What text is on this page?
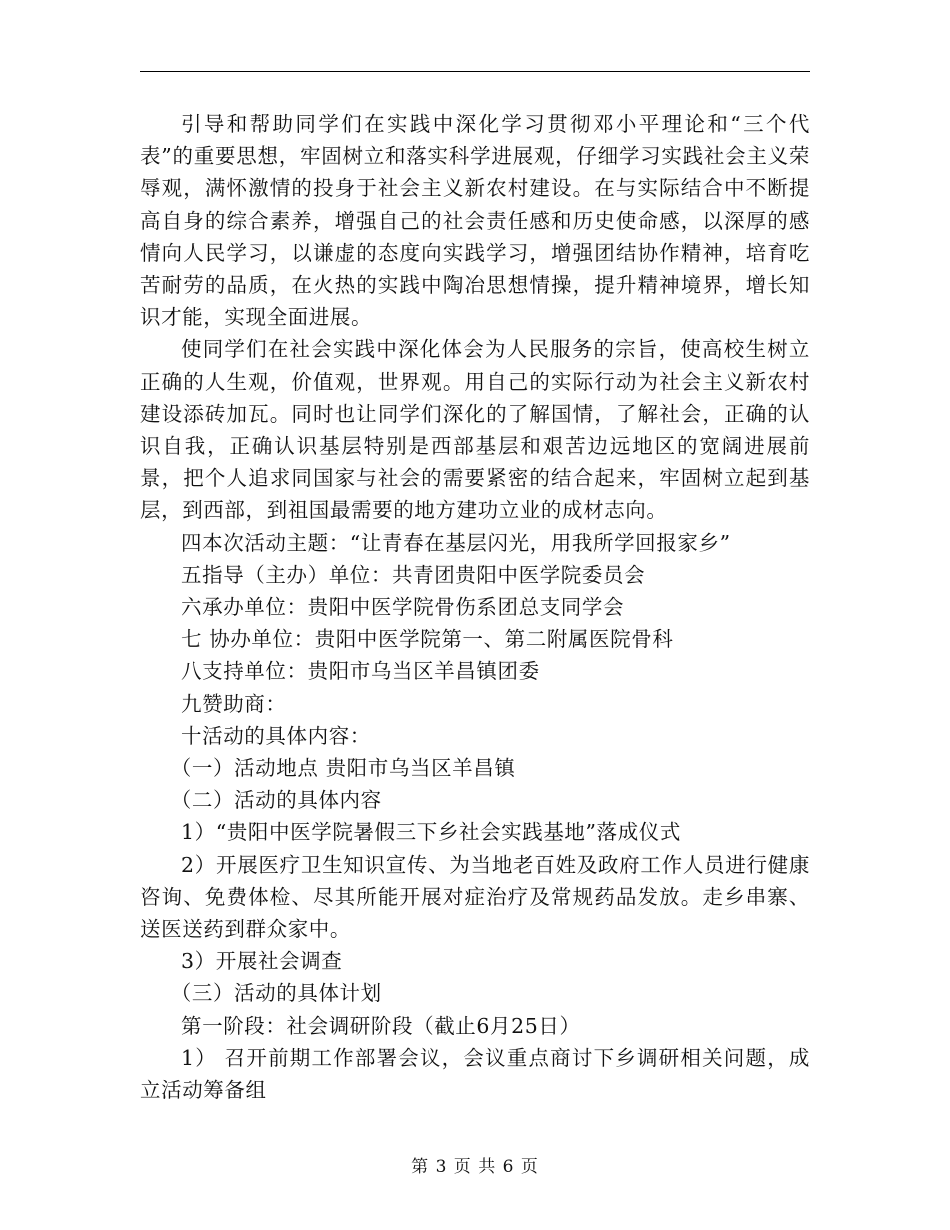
引导和帮助同学们在实践中深化学习贯彻邓小平理论和“三个代表”的重要思想，牢固树立和落实科学进展观，仔细学习实践社会主义荣辱观，满怀激情的投身于社会主义新农村建设。在与实际结合中不断提高自身的综合素养，增强自己的社会责任感和历史使命感，以深厚的感情向人民学习，以谦虚的态度向实践学习，增强团结协作精神，培育吃苦耐劳的品质，在火热的实践中陶冶思想情操，提升精神境界，增长知识才能，实现全面进展。

使同学们在社会实践中深化体会为人民服务的宗旨，使高校生树立正确的人生观，价值观，世界观。用自己的实际行动为社会主义新农村建设添砖加瓦。同时也让同学们深化的了解国情，了解社会，正确的认识自我，正确认识基层特别是西部基层和艰苦边远地区的宽阔进展前景，把个人追求同国家与社会的需要紧密的结合起来，牢固树立起到基层，到西部，到祖国最需要的地方建功立业的成材志向。

四本次活动主题：“让青春在基层闪光，用我所学回报家乡”

五指导（主办）单位：共青团贵阳中医学院委员会

六承办单位：贵阳中医学院骨伤系团总支同学会

七 协办单位：贵阳中医学院第一、第二附属医院骨科

八支持单位：贵阳市乌当区羊昌镇团委

九赞助商：

十活动的具体内容：

（一）活动地点 贵阳市乌当区羊昌镇

（二）活动的具体内容

1）“贵阳中医学院暑假三下乡社会实践基地”落成仪式

2）开展医疗卫生知识宣传、为当地老百姓及政府工作人员进行健康咨询、免费体检、尽其所能开展对症治疗及常规药品发放。走乡串寨、送医送药到群众家中。

3）开展社会调查

（三）活动的具体计划

第一阶段：社会调研阶段（截止6月25日）

1） 召开前期工作部署会议，会议重点商讨下乡调研相关问题，成立活动筹备组

第 3 页 共 6 页
